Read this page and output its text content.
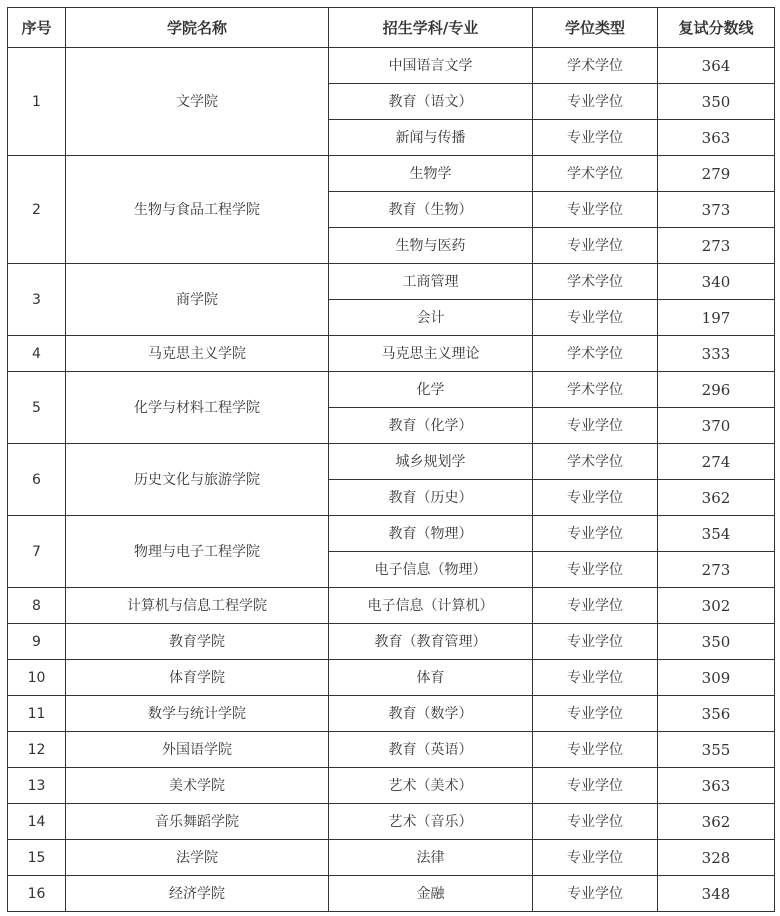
序号	学院名称	招生学科/专业	学位类型	复试分数线
1	文学院	中国语言文学	学术学位	364
		教育（语文）	专业学位	350
		新闻与传播	专业学位	363
2	生物与食品工程学院	生物学	学术学位	279
		教育（生物）	专业学位	373
		生物与医药	专业学位	273
3	商学院	工商管理	学术学位	340
		会计	专业学位	197
4	马克思主义学院	马克思主义理论	学术学位	333
5	化学与材料工程学院	化学	学术学位	296
		教育（化学）	专业学位	370
6	历史文化与旅游学院	城乡规划学	学术学位	274
		教育（历史）	专业学位	362
7	物理与电子工程学院	教育（物理）	专业学位	354
		电子信息（物理）	专业学位	273
8	计算机与信息工程学院	电子信息（计算机）	专业学位	302
9	教育学院	教育（教育管理）	专业学位	350
10	体育学院	体育	专业学位	309
11	数学与统计学院	教育（数学）	专业学位	356
12	外国语学院	教育（英语）	专业学位	355
13	美术学院	艺术（美术）	专业学位	363
14	音乐舞蹈学院	艺术（音乐）	专业学位	362
15	法学院	法律	专业学位	328
16	经济学院	金融	专业学位	348
